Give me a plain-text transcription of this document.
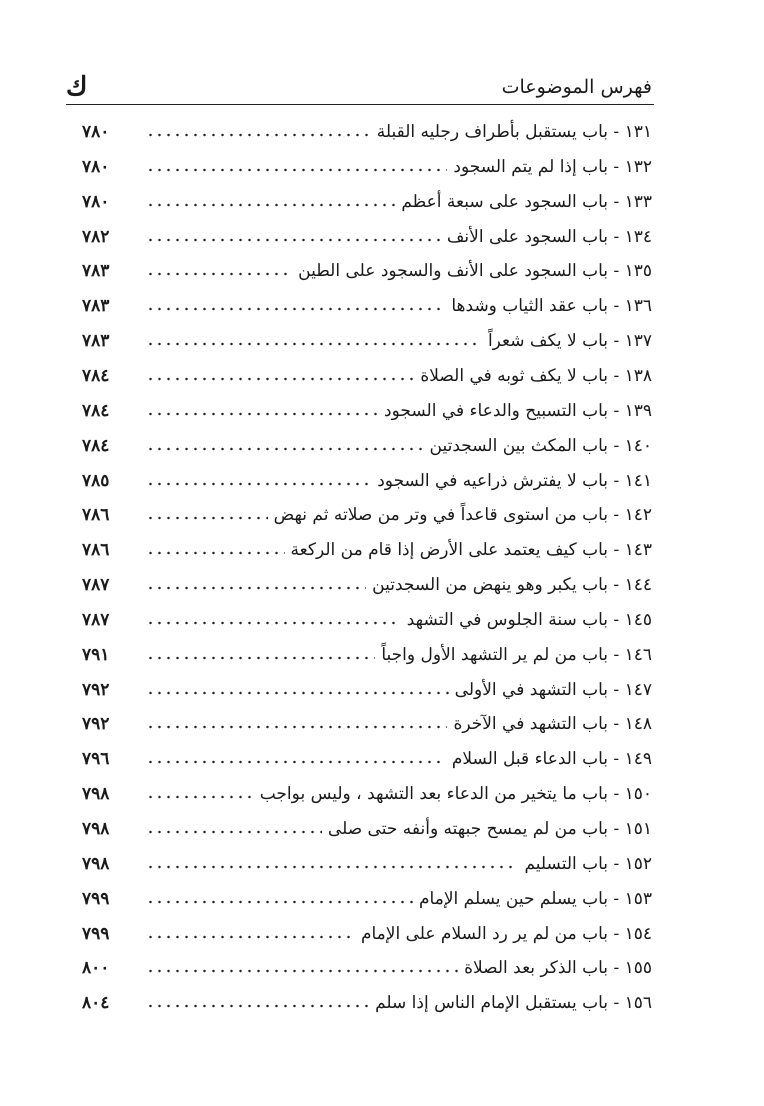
فهرس الموضوعات
ك
٧٨٠	١٣١ - باب يستقبل بأطراف رجليه القبلة
٧٨٠	١٣٢ - باب إذا لم يتم السجود
٧٨٠	١٣٣ - باب السجود على سبعة أعظم
٧٨٢	١٣٤ - باب السجود على الأنف
٧٨٣	١٣٥ - باب السجود على الأنف والسجود على الطين
٧٨٣	١٣٦ - باب عقد الثياب وشدها
٧٨٣	١٣٧ - باب لا يكف شعراً
٧٨٤	١٣٨ - باب لا يكف ثوبه في الصلاة
٧٨٤	١٣٩ - باب التسبيح والدعاء في السجود
٧٨٤	١٤٠ - باب المكث بين السجدتين
٧٨٥	١٤١ - باب لا يفترش ذراعيه في السجود
٧٨٦	١٤٢ - باب من استوى قاعداً في وتر من صلاته ثم نهض
٧٨٦	١٤٣ - باب كيف يعتمد على الأرض إذا قام من الركعة
٧٨٧	١٤٤ - باب يكبر وهو ينهض من السجدتين
٧٨٧	١٤٥ - باب سنة الجلوس في التشهد
٧٩١	١٤٦ - باب من لم ير التشهد الأول واجباً
٧٩٢	١٤٧ - باب التشهد في الأولى
٧٩٢	١٤٨ - باب التشهد في الآخرة
٧٩٦	١٤٩ - باب الدعاء قبل السلام
٧٩٨	١٥٠ - باب ما يتخير من الدعاء بعد التشهد ، وليس بواجب
٧٩٨	١٥١ - باب من لم يمسح جبهته وأنفه حتى صلى
٧٩٨	١٥٢ - باب التسليم
٧٩٩	١٥٣ - باب يسلم حين يسلم الإمام
٧٩٩	١٥٤ - باب من لم ير رد السلام على الإمام
٨٠٠	١٥٥ - باب الذكر بعد الصلاة
٨٠٤	١٥٦ - باب يستقبل الإمام الناس إذا سلم
